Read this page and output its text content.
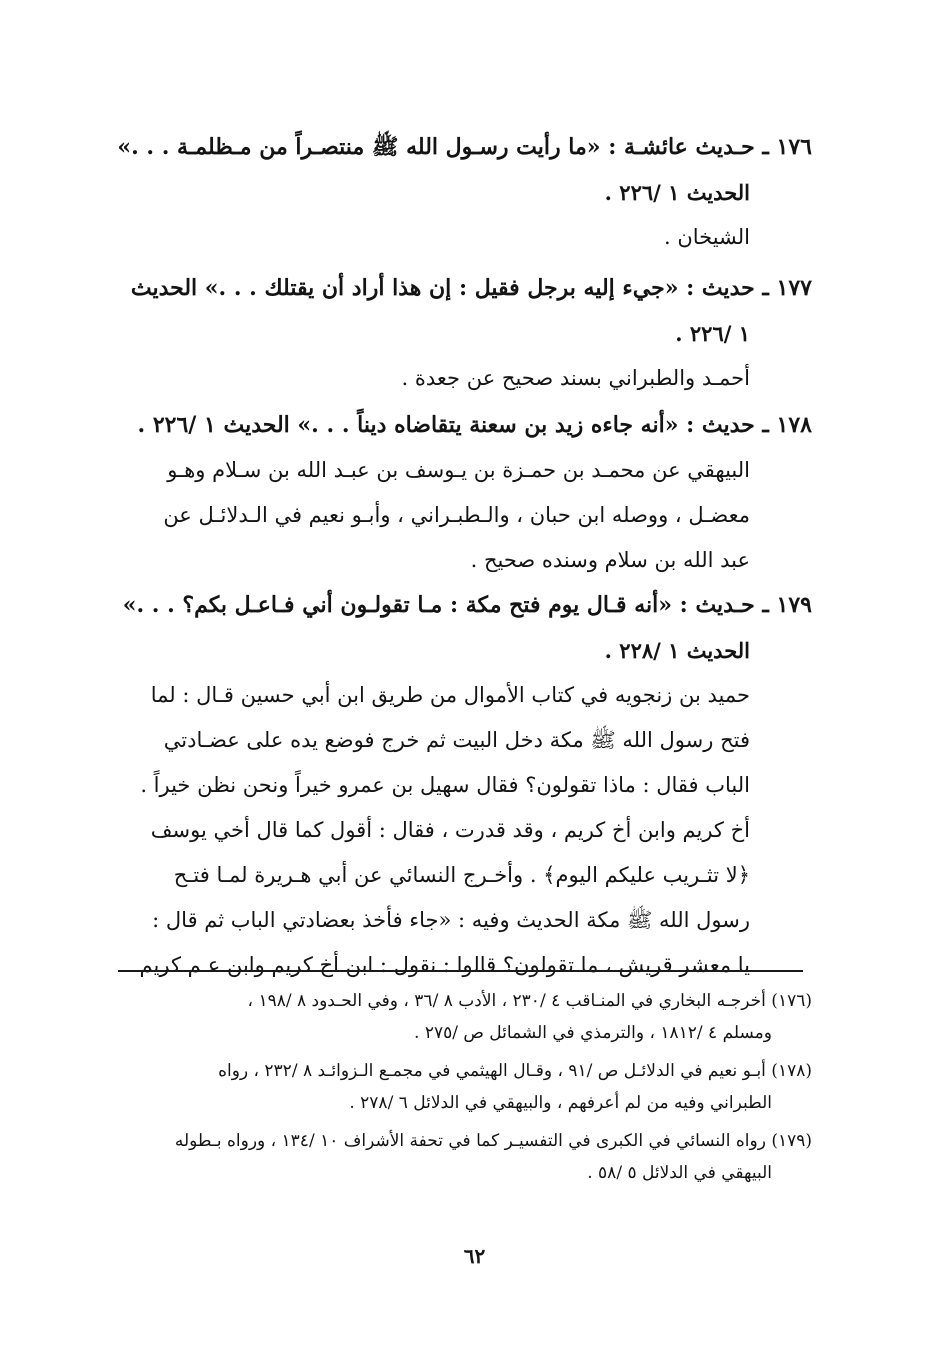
١٧٦ ـ حـديث عائشـة : «ما رأيت رسـول الله ﷺ منتصـراً من مـظلمـة . . .»
الحديث ١ /٢٢٦ .
الشيخان .
١٧٧ ـ حديث : «جيء إليه برجل فقيل : إن هذا أراد أن يقتلك . . .» الحديث
١ /٢٢٦ .
أحمـد والطبراني بسند صحيح عن جعدة .
١٧٨ ـ حديث : «أنه جاءه زيد بن سعنة يتقاضاه ديناً . . .» الحديث ١ /٢٢٦ .
البيهقي عن محمـد بن حمـزة بن يـوسف بن عبـد الله بن سـلام وهـو
معضـل ، ووصله ابن حبان ، والـطبـراني ، وأبـو نعيم في الـدلائـل عن
عبد الله بن سلام وسنده صحيح .
١٧٩ ـ حـديث : «أنه قـال يوم فتح مكة : مـا تقولـون أني فـاعـل بكم؟ . . .»
الحديث ١ /٢٢٨ .
حميد بن زنجويه في كتاب الأموال من طريق ابن أبي حسين قـال : لما
فتح رسول الله ﷺ مكة دخل البيت ثم خرج فوضع يده على عضـادتي
الباب فقال : ماذا تقولون؟ فقال سهيل بن عمرو خيراً ونحن نظن خيراً .
أخ كريم وابن أخ كريم ، وقد قدرت ، فقال : أقول كما قال أخي يوسف
﴿لا تثـريب عليكم اليوم﴾ . وأخـرج النسائي عن أبي هـريرة لمـا فتـح
رسول الله ﷺ مكة الحديث وفيه : «جاء فأخذ بعضادتي الباب ثم قال :
يا معشر قريش ، ما تقولون؟ قالوا : نقول : ابن أخ كريم وابن عـم كريم
(١٧٦) أخرجـه البخاري في المنـاقب ٤ /٢٣٠ ، الأدب ٨ /٣٦ ، وفي الحـدود ٨ /١٩٨ ،
ومسلم ٤ /١٨١٢ ، والترمذي في الشمائل ص /٢٧٥ .
(١٧٨) أبـو نعيم في الدلائـل ص /٩١ ، وقـال الهيثمي في مجمـع الـزوائـد ٨ /٢٣٢ ، رواه
الطبراني وفيه من لم أعرفهم ، والبيهقي في الدلائل ٦ /٢٧٨ .
(١٧٩) رواه النسائي في الكبرى في التفسيـر كما في تحفة الأشراف ١٠ /١٣٤ ، ورواه بـطوله
البيهقي في الدلائل ٥ /٥٨ .
٦٢
